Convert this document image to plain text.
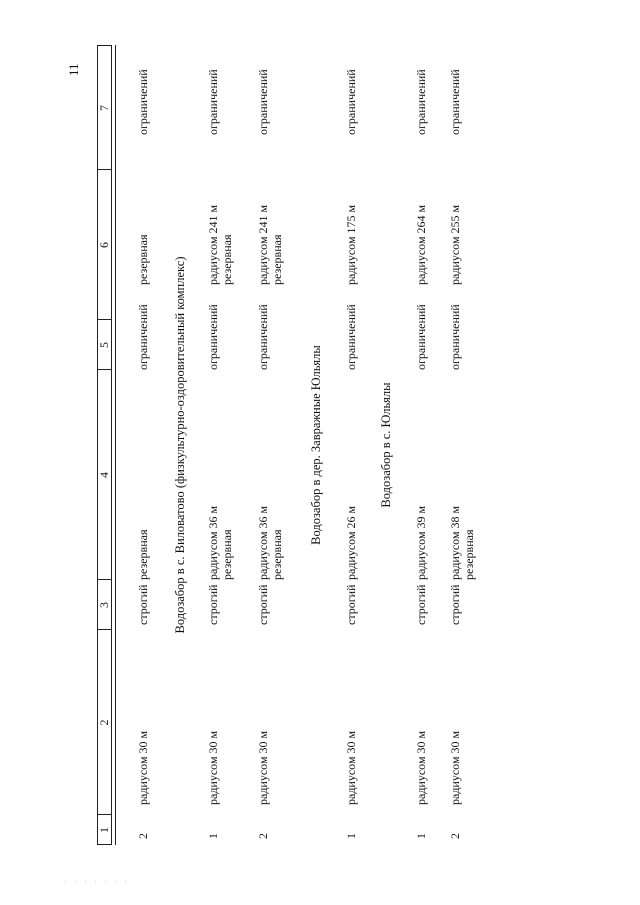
11
1
2
3
4
5
6
7
2
радиусом 30 м
строгий
резервная
ограничений
резервная
ограничений
Водозабор в с. Виловатово (физкультурно-оздоровительный комплекс)
1
радиусом 30 м
строгий
радиусом 36 м резервная
ограничений
радиусом 241 м резервная
ограничений
2
радиусом 30 м
строгий
радиусом 36 м резервная
ограничений
радиусом 241 м резервная
ограничений
Водозабор в дер. Завражные Юльялы
1
радиусом 30 м
строгий
радиусом 26 м
ограничений
радиусом 175 м
ограничений
Водозабор в с. Юльялы
1
радиусом 30 м
строгий
радиусом 39 м
ограничений
радиусом 264 м
ограничений
2
радиусом 30 м
строгий
радиусом 38 м резервная
ограничений
радиусом 255 м
ограничений
· · · · · · ·
